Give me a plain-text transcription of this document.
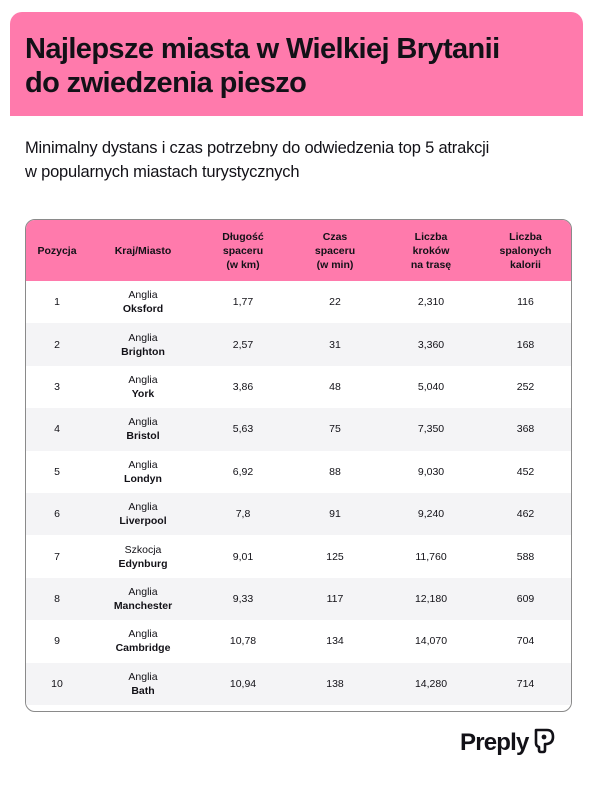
Najlepsze miasta w Wielkiej Brytanii
do zwiedzenia pieszo

Minimalny dystans i czas potrzebny do odwiedzenia top 5 atrakcji
w popularnych miastach turystycznych

Pozycja	Kraj/Miasto	Długość
spaceru
(w km)	Czas
spaceru
(w min)	Liczba
kroków
na trasę	Liczba
spalonych
kalorii
1	Anglia
Oksford	1,77	22	2,310	116
2	Anglia
Brighton	2,57	31	3,360	168
3	Anglia
York	3,86	48	5,040	252
4	Anglia
Bristol	5,63	75	7,350	368
5	Anglia
Londyn	6,92	88	9,030	452
6	Anglia
Liverpool	7,8	91	9,240	462
7	Szkocja
Edynburg	9,01	125	11,760	588
8	Anglia
Manchester	9,33	117	12,180	609
9	Anglia
Cambridge	10,78	134	14,070	704
10	Anglia
Bath	10,94	138	14,280	714
Preply
